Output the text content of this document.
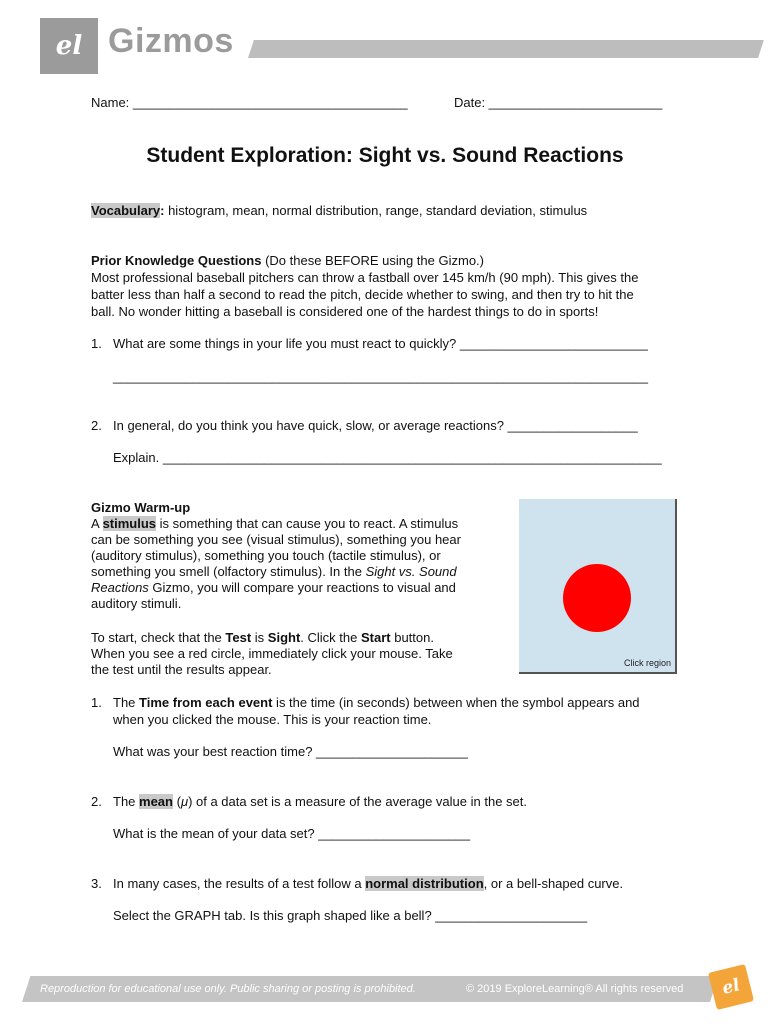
el Gizmos
Name: ______________________________________	Date: ________________________
Student Exploration: Sight vs. Sound Reactions
Vocabulary: histogram, mean, normal distribution, range, standard deviation, stimulus
Prior Knowledge Questions (Do these BEFORE using the Gizmo.)
Most professional baseball pitchers can throw a fastball over 145 km/h (90 mph). This gives the
batter less than half a second to read the pitch, decide whether to swing, and then try to hit the
ball. No wonder hitting a baseball is considered one of the hardest things to do in sports!
1. What are some things in your life you must react to quickly? __________________________
__________________________________________________________________________
2. In general, do you think you have quick, slow, or average reactions? __________________
Explain. _____________________________________________________________________
Gizmo Warm-up
A stimulus is something that can cause you to react. A stimulus
can be something you see (visual stimulus), something you hear
(auditory stimulus), something you touch (tactile stimulus), or
something you smell (olfactory stimulus). In the Sight vs. Sound
Reactions Gizmo, you will compare your reactions to visual and
auditory stimuli.
To start, check that the Test is Sight. Click the Start button.
When you see a red circle, immediately click your mouse. Take
the test until the results appear.	Click region
1. The Time from each event is the time (in seconds) between when the symbol appears and
when you clicked the mouse. This is your reaction time.
What was your best reaction time? _____________________
2. The mean (μ) of a data set is a measure of the average value in the set.
What is the mean of your data set? _____________________
3. In many cases, the results of a test follow a normal distribution, or a bell-shaped curve.
Select the GRAPH tab. Is this graph shaped like a bell? _____________________
Reproduction for educational use only. Public sharing or posting is prohibited.	© 2019 ExploreLearning® All rights reserved	el
